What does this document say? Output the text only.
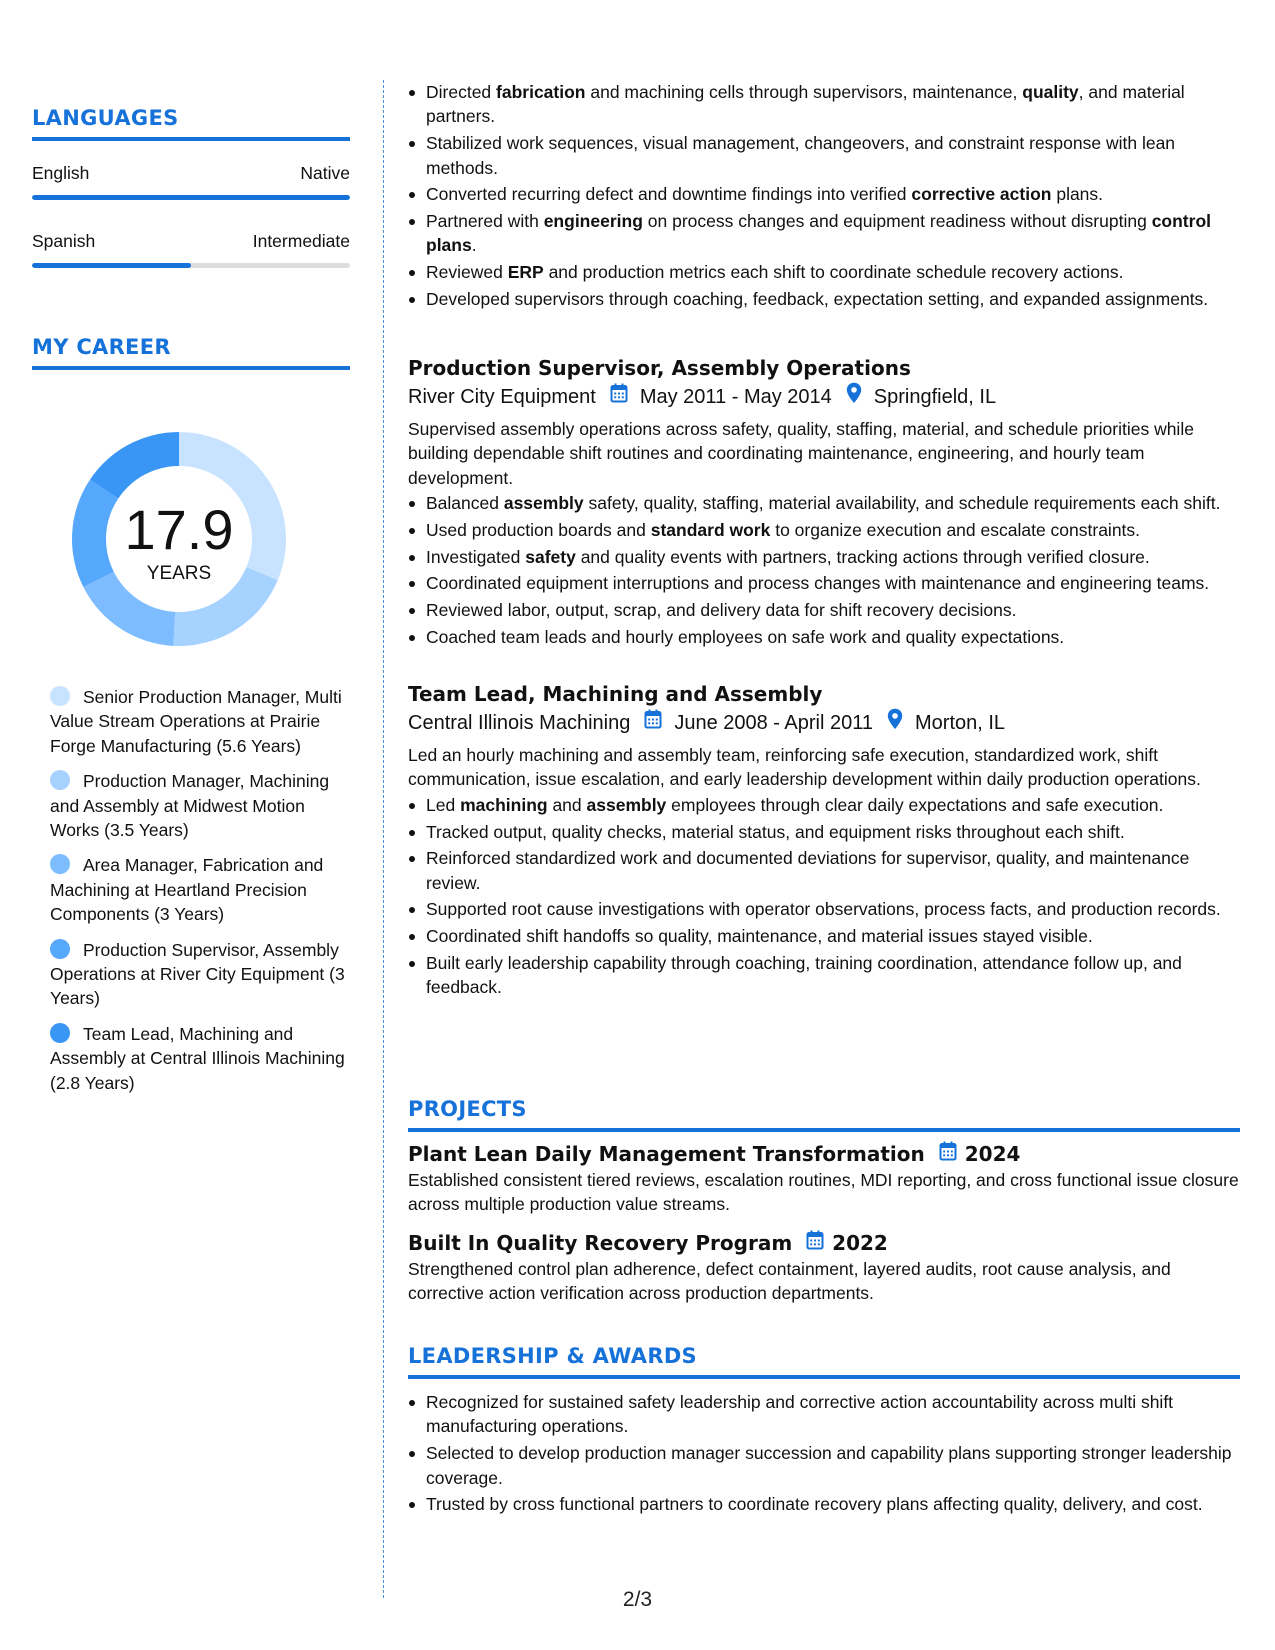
LANGUAGES
English	Native
Spanish	Intermediate
MY CAREER
17.9
YEARS
Senior Production Manager, Multi Value Stream Operations at Prairie Forge Manufacturing (5.6 Years)
Production Manager, Machining and Assembly at Midwest Motion Works (3.5 Years)
Area Manager, Fabrication and Machining at Heartland Precision Components (3 Years)
Production Supervisor, Assembly Operations at River City Equipment (3 Years)
Team Lead, Machining and Assembly at Central Illinois Machining (2.8 Years)
Directed fabrication and machining cells through supervisors, maintenance, quality, and material partners.
Stabilized work sequences, visual management, changeovers, and constraint response with lean methods.
Converted recurring defect and downtime findings into verified corrective action plans.
Partnered with engineering on process changes and equipment readiness without disrupting control plans.
Reviewed ERP and production metrics each shift to coordinate schedule recovery actions.
Developed supervisors through coaching, feedback, expectation setting, and expanded assignments.
Production Supervisor, Assembly Operations
River City Equipment May 2011 - May 2014 Springfield, IL
Supervised assembly operations across safety, quality, staffing, material, and schedule priorities while building dependable shift routines and coordinating maintenance, engineering, and hourly team development.
Balanced assembly safety, quality, staffing, material availability, and schedule requirements each shift.
Used production boards and standard work to organize execution and escalate constraints.
Investigated safety and quality events with partners, tracking actions through verified closure.
Coordinated equipment interruptions and process changes with maintenance and engineering teams.
Reviewed labor, output, scrap, and delivery data for shift recovery decisions.
Coached team leads and hourly employees on safe work and quality expectations.
Team Lead, Machining and Assembly
Central Illinois Machining June 2008 - April 2011 Morton, IL
Led an hourly machining and assembly team, reinforcing safe execution, standardized work, shift communication, issue escalation, and early leadership development within daily production operations.
Led machining and assembly employees through clear daily expectations and safe execution.
Tracked output, quality checks, material status, and equipment risks throughout each shift.
Reinforced standardized work and documented deviations for supervisor, quality, and maintenance review.
Supported root cause investigations with operator observations, process facts, and production records.
Coordinated shift handoffs so quality, maintenance, and material issues stayed visible.
Built early leadership capability through coaching, training coordination, attendance follow up, and feedback.
PROJECTS
Plant Lean Daily Management Transformation 2024
Established consistent tiered reviews, escalation routines, MDI reporting, and cross functional issue closure across multiple production value streams.
Built In Quality Recovery Program 2022
Strengthened control plan adherence, defect containment, layered audits, root cause analysis, and corrective action verification across production departments.
LEADERSHIP & AWARDS
Recognized for sustained safety leadership and corrective action accountability across multi shift manufacturing operations.
Selected to develop production manager succession and capability plans supporting stronger leadership coverage.
Trusted by cross functional partners to coordinate recovery plans affecting quality, delivery, and cost.
2/3
